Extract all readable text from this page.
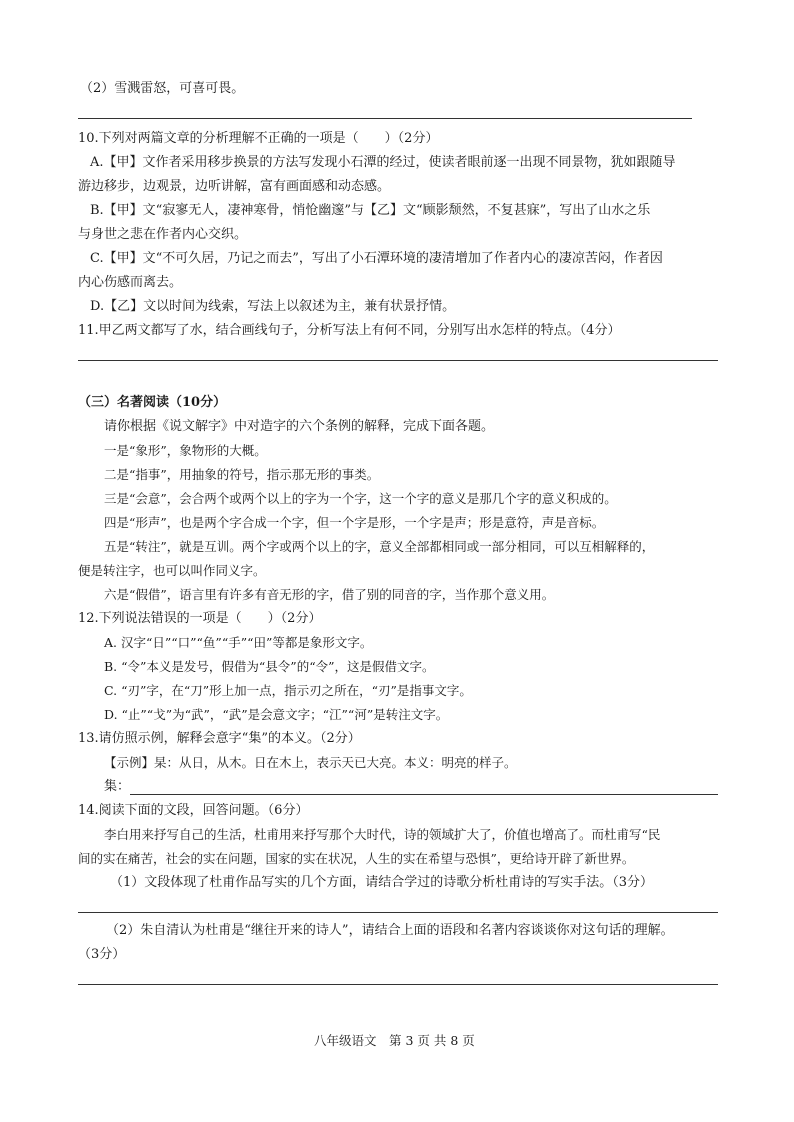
（2）雪溅雷怒，可喜可畏。
10.下列对两篇文章的分析理解不正确的一项是（　　）（2分）
A.【甲】文作者采用移步换景的方法写发现小石潭的经过，使读者眼前逐一出现不同景物，犹如跟随导
游边移步，边观景，边听讲解，富有画面感和动态感。
B.【甲】文“寂寥无人，凄神寒骨，悄怆幽邃”与【乙】文“顾影颓然，不复甚寐”，写出了山水之乐
与身世之悲在作者内心交织。
C.【甲】文“不可久居，乃记之而去”，写出了小石潭环境的凄清增加了作者内心的凄凉苦闷，作者因
内心伤感而离去。
D.【乙】文以时间为线索，写法上以叙述为主，兼有状景抒情。
11.甲乙两文都写了水，结合画线句子，分析写法上有何不同，分别写出水怎样的特点。（4分）
（三）名著阅读（10分）
请你根据《说文解字》中对造字的六个条例的解释，完成下面各题。
一是“象形”，象物形的大概。
二是“指事”，用抽象的符号，指示那无形的事类。
三是“会意”，会合两个或两个以上的字为一个字，这一个字的意义是那几个字的意义积成的。
四是“形声”，也是两个字合成一个字，但一个字是形，一个字是声；形是意符，声是音标。
五是“转注”，就是互训。两个字或两个以上的字，意义全部都相同或一部分相同，可以互相解释的，
便是转注字，也可以叫作同义字。
六是“假借”，语言里有许多有音无形的字，借了别的同音的字，当作那个意义用。
12.下列说法错误的一项是（　　）（2分）
A. 汉字“日”“口”“鱼”“手”“田”等都是象形文字。
B. “令”本义是发号，假借为“县令”的“令”，这是假借文字。
C. “刃”字，在“刀”形上加一点，指示刃之所在，“刃”是指事文字。
D. “止”“戈”为“武”，“武”是会意文字；“江”“河”是转注文字。
13.请仿照示例，解释会意字“集”的本义。（2分）
【示例】杲：从日，从木。日在木上，表示天已大亮。本义：明亮的样子。
集：
14.阅读下面的文段，回答问题。（6分）
李白用来抒写自己的生活，杜甫用来抒写那个大时代，诗的领域扩大了，价值也增高了。而杜甫写“民
间的实在痛苦，社会的实在问题，国家的实在状况，人生的实在希望与恐惧”，更给诗开辟了新世界。
（1）文段体现了杜甫作品写实的几个方面，请结合学过的诗歌分析杜甫诗的写实手法。（3分）
（2）朱自清认为杜甫是“继往开来的诗人”，请结合上面的语段和名著内容谈谈你对这句话的理解。
（3分）
八年级语文　第 3 页 共 8 页
